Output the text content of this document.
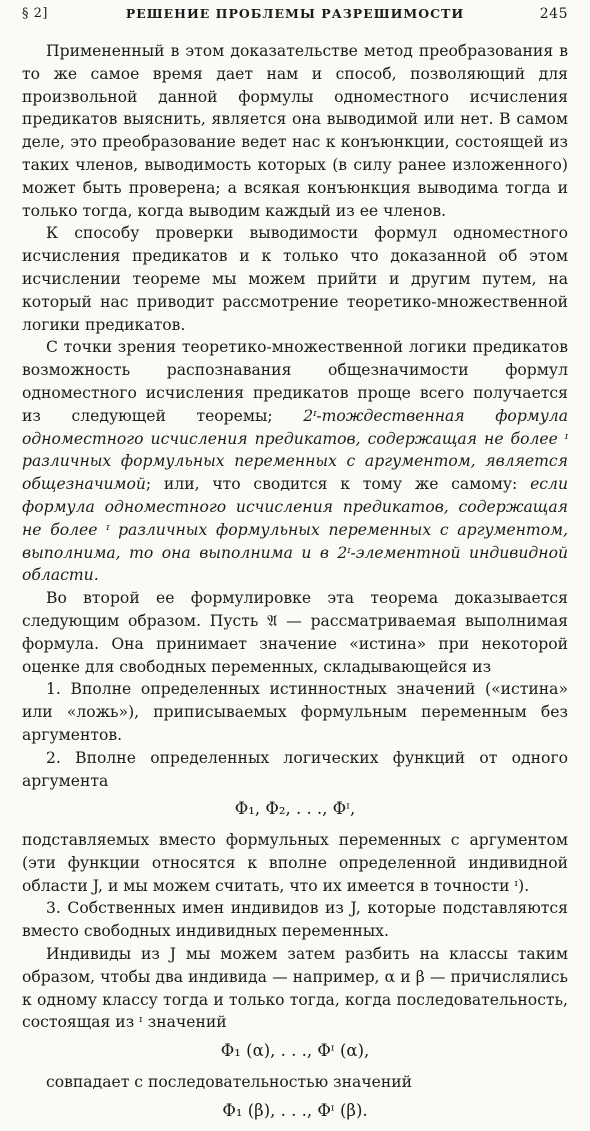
§ 2]	РЕШЕНИЕ ПРОБЛЕМЫ РАЗРЕШИМОСТИ	245

Примененный в этом доказательстве метод преобразования в то же самое время дает нам и способ, позволяющий для произвольной данной формулы одноместного исчисления предикатов выяснить, является она выводимой или нет. В самом деле, это преобразование ведет нас к конъюнкции, состоящей из таких членов, выводимость которых (в силу ранее изложенного) может быть проверена; а всякая конъюнкция выводима тогда и только тогда, когда выводим каждый из ее членов.

К способу проверки выводимости формул одноместного исчисления предикатов и к только что доказанной об этом исчислении теореме мы можем прийти и другим путем, на который нас приводит рассмотрение теоретико-множественной логики предикатов.

С точки зрения теоретико-множественной логики предикатов возможность распознавания общезначимости формул одноместного исчисления предикатов проще всего получается из следующей теоремы; 2ᶦ-тождественная формула одноместного исчисления предикатов, содержащая не более ᶦ различных формульных переменных с аргументом, является общезначимой; или, что сводится к тому же самому: если формула одноместного исчисления предикатов, содержащая не более ᶦ различных формульных переменных с аргументом, выполнима, то она выполнима и в 2ᶦ-элементной индивидной области.

Во второй ее формулировке эта теорема доказывается следующим образом. Пусть 𝔄 — рассматриваемая выполнимая формула. Она принимает значение «истина» при некоторой оценке для свободных переменных, складывающейся из

1. Вполне определенных истинностных значений («истина» или «ложь»), приписываемых формульным переменным без аргументов.

2. Вполне определенных логических функций от одного аргумента

Φ₁, Φ₂, . . ., Φᶦ,

подставляемых вместо формульных переменных с аргументом (эти функции относятся к вполне определенной индивидной области J, и мы можем считать, что их имеется в точности ᶦ).

3. Собственных имен индивидов из J, которые подставляются вместо свободных индивидных переменных.

Индивиды из J мы можем затем разбить на классы таким образом, чтобы два индивида — например, α и β — причислялись к одному классу тогда и только тогда, когда последовательность, состоящая из ᶦ значений

Φ₁ (α), . . ., Φᶦ (α),

совпадает с последовательностью значений

Φ₁ (β), . . ., Φᶦ (β).
